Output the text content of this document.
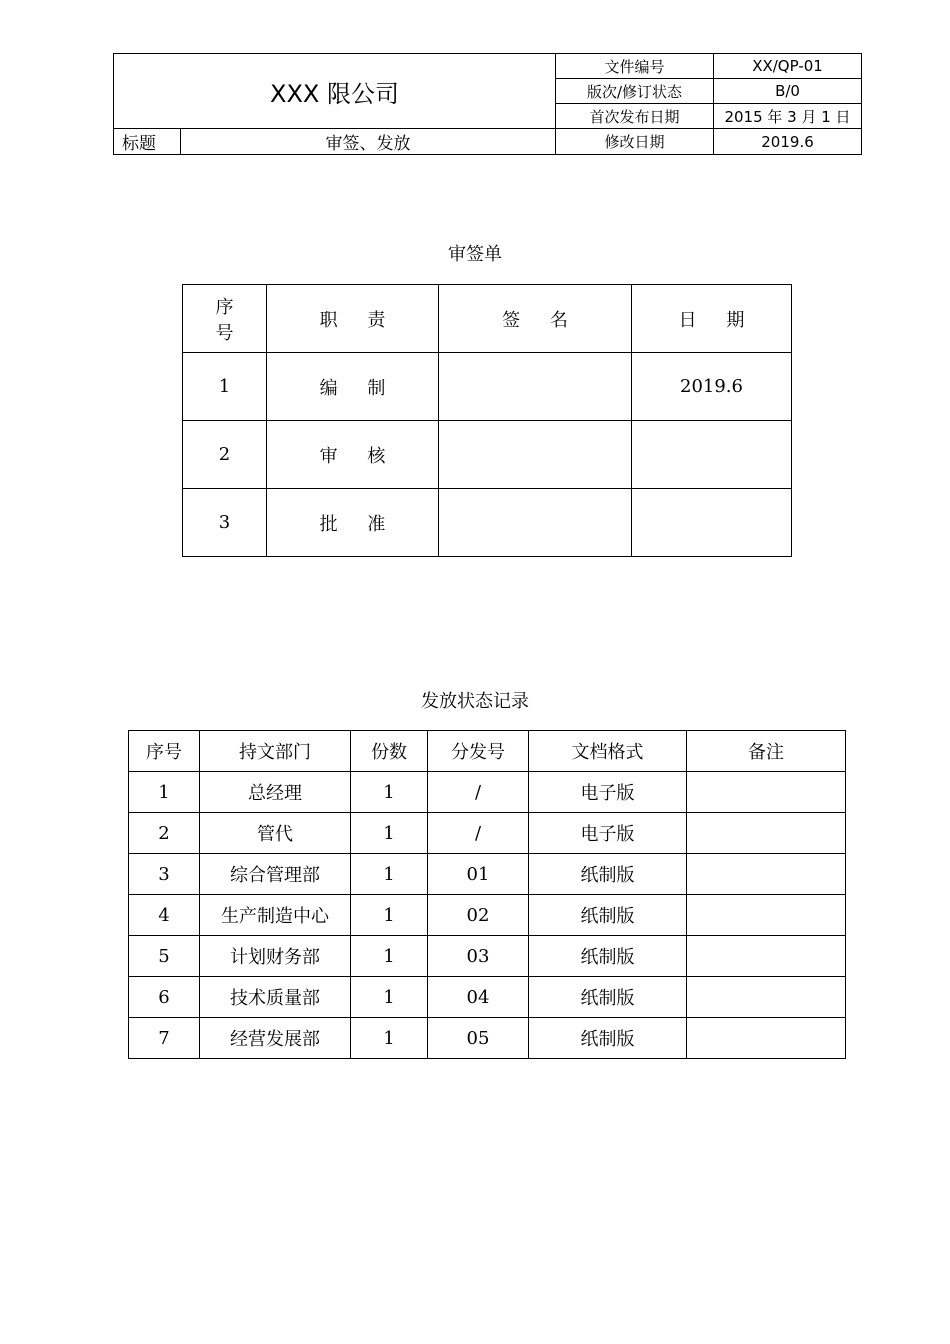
XXX 限公司		文件编号	XX/QP-01
		版次/修订状态	B/0
		首次发布日期	2015 年 3 月 1 日
标题	审签、发放	修改日期	2019.6
审签单
序 号	职 责	签 名	日 期
1	编 制		2019.6
2	审 核		
3	批 准		
发放状态记录
序号	持文部门	份数	分发号	文档格式	备注
1	总经理	1	/	电子版	
2	管代	1	/	电子版	
3	综合管理部	1	01	纸制版	
4	生产制造中心	1	02	纸制版	
5	计划财务部	1	03	纸制版	
6	技术质量部	1	04	纸制版	
7	经营发展部	1	05	纸制版	
